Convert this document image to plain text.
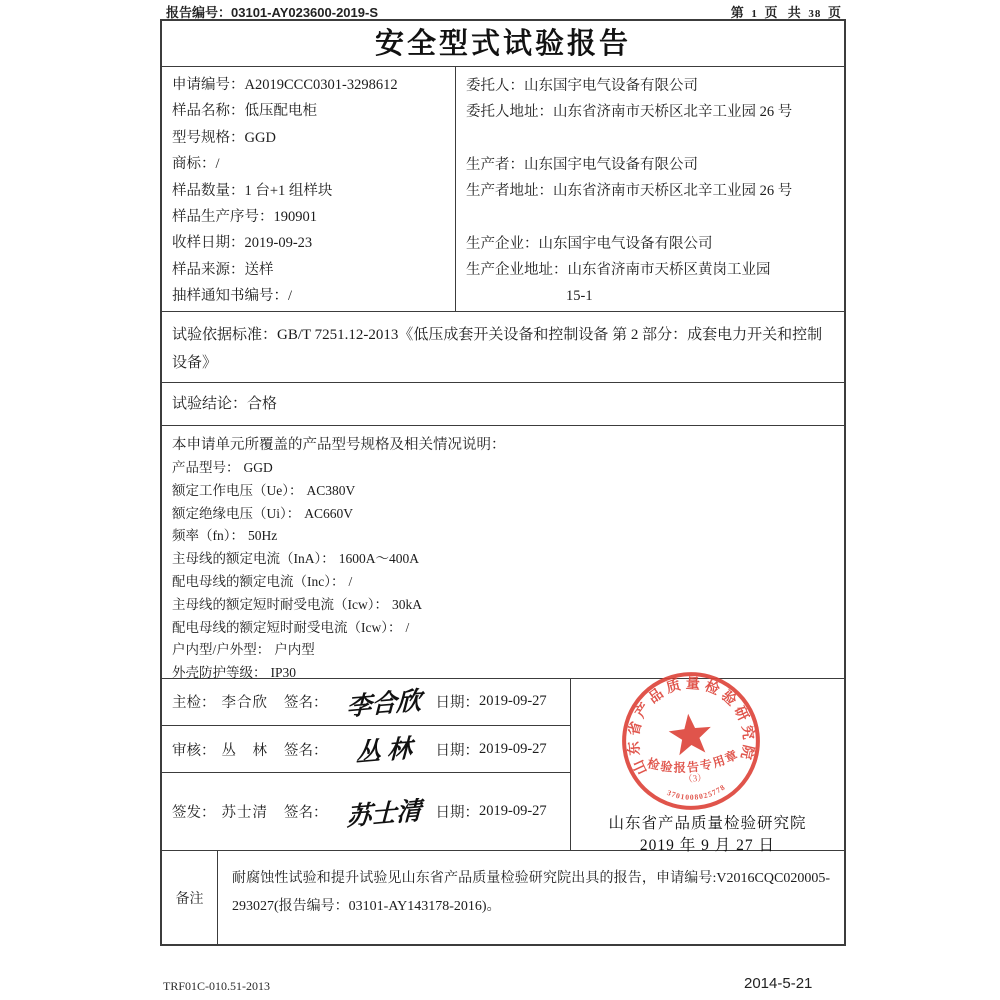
报告编号：03101-AY023600-2019-S	第 1 页 共 38 页
安全型式试验报告
申请编号：A2019CCC0301-3298612
样品名称：低压配电柜
型号规格：GGD
商标：/
样品数量：1 台+1 组样块
样品生产序号：190901
收样日期：2019-09-23
样品来源：送样
抽样通知书编号：/
委托人：山东国宇电气设备有限公司
委托人地址：山东省济南市天桥区北辛工业园 26 号
生产者：山东国宇电气设备有限公司
生产者地址：山东省济南市天桥区北辛工业园 26 号
生产企业：山东国宇电气设备有限公司
生产企业地址：山东省济南市天桥区黄岗工业园
15-1
试验依据标准：GB/T 7251.12-2013《低压成套开关设备和控制设备 第 2 部分：成套电力开关和控制设备》
试验结论：合格
本申请单元所覆盖的产品型号规格及相关情况说明：
产品型号： GGD
额定工作电压（Ue）： AC380V
额定绝缘电压（Ui）： AC660V
频率（fn）： 50Hz
主母线的额定电流（InA）： 1600A～400A
配电母线的额定电流（Inc）： /
主母线的额定短时耐受电流（Icw）： 30kA
配电母线的额定短时耐受电流（Icw）： /
户内型/户外型： 户内型
外壳防护等级： IP30
主检： 李合欣 签名： 李合欣 日期： 2019-09-27
审核： 丛　林 签名：	丛 林	日期： 2019-09-27
签发： 苏士清 签名： 苏士清 日期： 2019-09-27
山东省产品质量检验研究院
检验报告专用章
（3）
3701008025778
山东省产品质量检验研究院
2019 年 9 月 27 日
备注
耐腐蚀性试验和提升试验见山东省产品质量检验研究院出具的报告，申请编号:V2016CQC020005-293027(报告编号：03101-AY143178-2016)。
TRF01C-010.51-2013	2014-5-21
